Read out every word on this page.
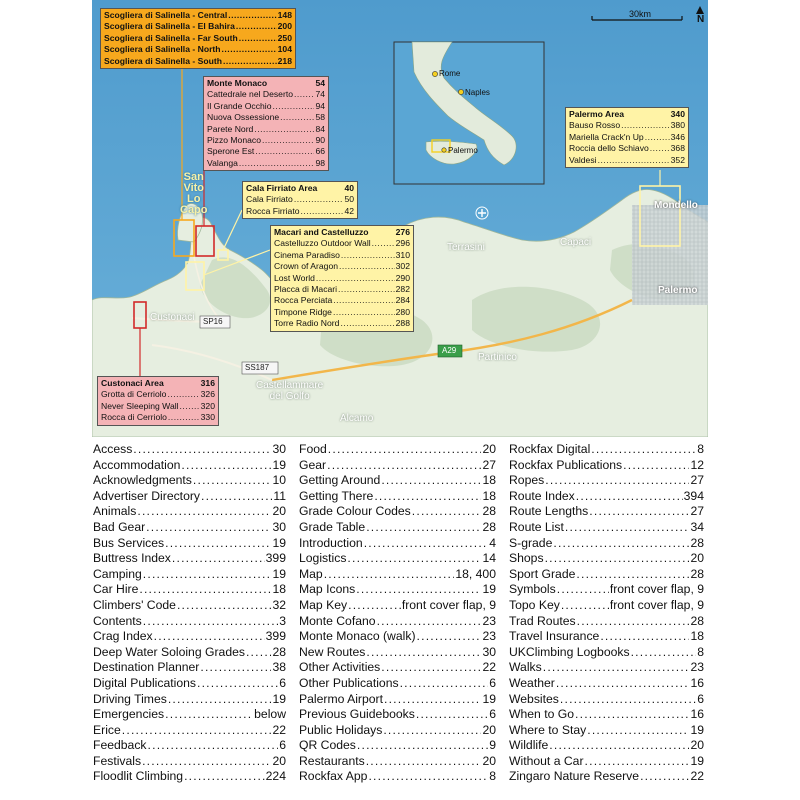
30km	N
San
Vito
Lo
Capo
Custonaci
Terrasini	Capaci
Mondello
Palermo
Partinico
Castellammare
del Golfo
Alcamo
SP16
SS187
A29
Rome
Naples
Palermo
Scogliera di Salinella - Central .....	148
Scogliera di Salinella - El Bahira .....	200
Scogliera di Salinella - Far South .....	250
Scogliera di Salinella - North .....	104
Scogliera di Salinella - South .....	218
Monte Monaco	54
Cattedrale nel Deserto .....	74
Il Grande Occhio .....	94
Nuova Ossessione .....	58
Parete Nord .....	84
Pizzo Monaco .....	90
Sperone Est .....	66
Valanga .....	98
Cala Firriato Area	40
Cala Firriato .....	50
Rocca Firriato .....	42
Macari and Castelluzzo	276
Castelluzzo Outdoor Wall .....	296
Cinema Paradiso .....	310
Crown of Aragon .....	302
Lost World .....	290
Placca di Macari .....	282
Rocca Perciata .....	284
Timpone Ridge .....	280
Torre Radio Nord .....	288
Palermo Area	340
Bauso Rosso .....	380
Mariella Crack'n Up .....	346
Roccia dello Schiavo .....	368
Valdesi .....	352
Custonaci Area	316
Grotta di Cerriolo .....	326
Never Sleeping Wall .....	320
Rocca di Cerriolo .....	330
Access .....	30
Accommodation .....	19
Acknowledgments .....	10
Advertiser Directory .....	11
Animals .....	20
Bad Gear .....	30
Bus Services .....	19
Buttress Index .....	399
Camping .....	19
Car Hire .....	18
Climbers' Code .....	32
Contents .....	3
Crag Index .....	399
Deep Water Soloing Grades ..... 28
Destination Planner .....	38
Digital Publications .....	6
Driving Times .....	19
Emergencies .....	below
Erice .....	22
Feedback .....	6
Festivals .....	20
Floodlit Climbing .....	224
Food .....	20
Gear .....	27
Getting Around .....	18
Getting There .....	18
Grade Colour Codes .....	28
Grade Table .....	28
Introduction .....	4
Logistics .....	14
Map .....	18, 400
Map Icons .....	19
Map Key .....	front cover flap, 9
Monte Cofano .....	23
Monte Monaco (walk) .....	23
New Routes .....	30
Other Activities .....	22
Other Publications .....	6
Palermo Airport .....	19
Previous Guidebooks .....	6
Public Holidays .....	20
QR Codes .....	9
Restaurants .....	20
Rockfax App .....	8
Rockfax Digital .....	8
Rockfax Publications .....	12
Ropes .....	27
Route Index .....	394
Route Lengths .....	27
Route List .....	34
S-grade .....	28
Shops .....	20
Sport Grade .....	28
Symbols .....	front cover flap, 9
Topo Key .....	front cover flap, 9
Trad Routes .....	28
Travel Insurance .....	18
UKClimbing Logbooks .....	8
Walks .....	23
Weather .....	16
Websites .....	6
When to Go .....	16
Where to Stay .....	19
Wildlife .....	20
Without a Car .....	19
Zingaro Nature Reserve .....	22
